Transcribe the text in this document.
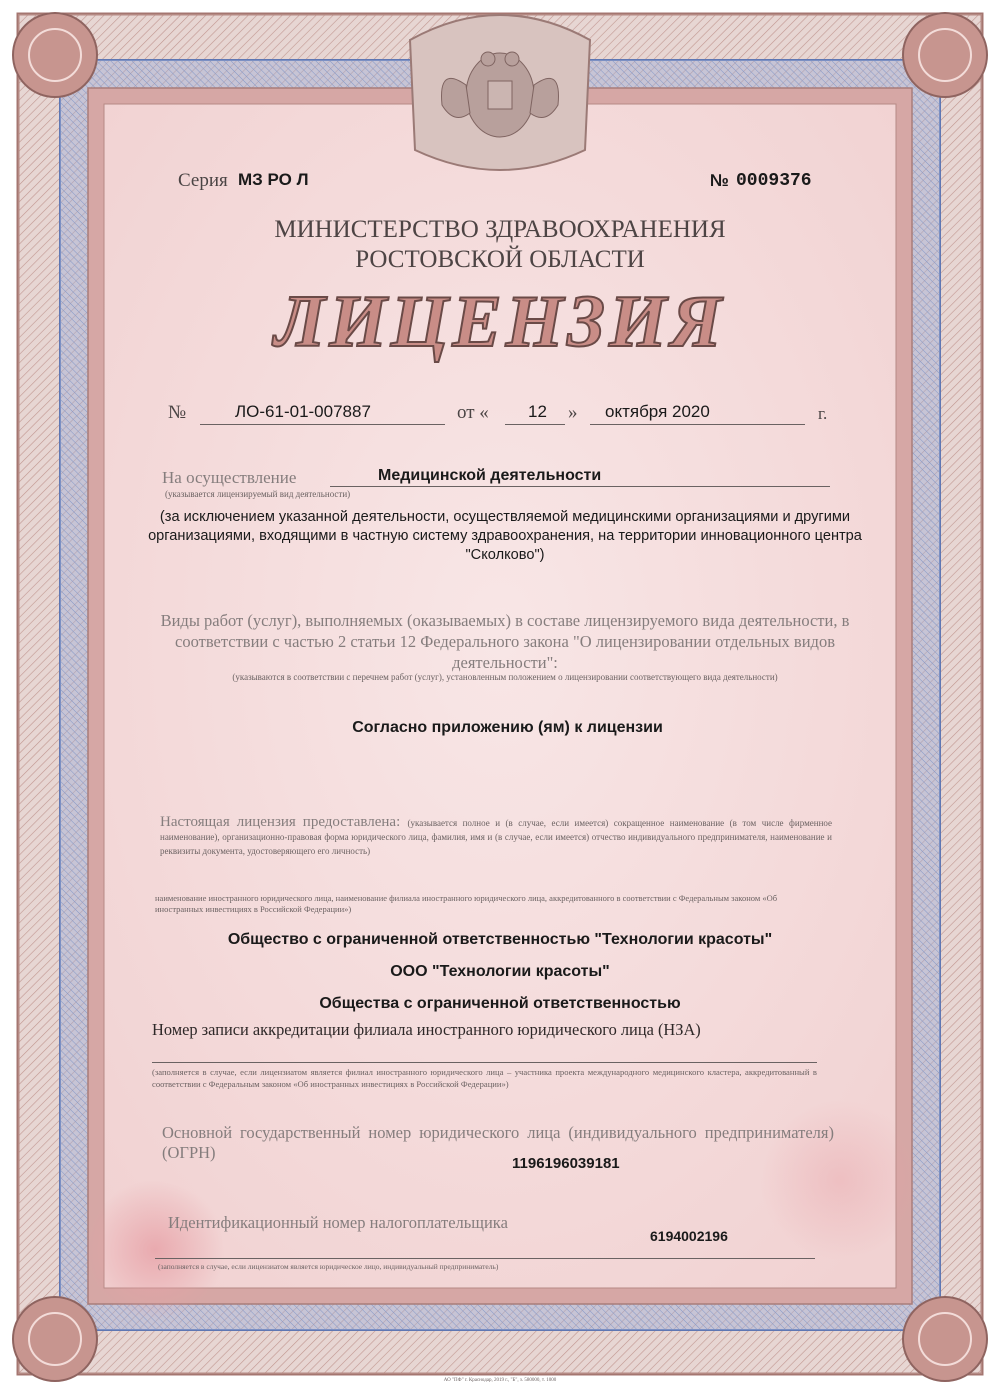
Серия МЗ РО Л	№ 0009376
МИНИСТЕРСТВО ЗДРАВООХРАНЕНИЯ
РОСТОВСКОЙ ОБЛАСТИ
ЛИЦЕНЗИЯ
№	ЛО-61-01-007887	от « 12 » октября 2020	г.
На осуществление	Медицинской деятельности
(указывается лицензируемый вид деятельности)
(за исключением указанной деятельности, осуществляемой медицинскими организациями и другими организациями, входящими в частную систему здравоохранения, на территории инновационного центра "Сколково")
Виды работ (услуг), выполняемых (оказываемых) в составе лицензируемого вида деятельности, в соответствии с частью 2 статьи 12 Федерального закона "О лицензировании отдельных видов деятельности":
(указываются в соответствии с перечнем работ (услуг), установленным положением о лицензировании соответствующего вида деятельности)
Согласно приложению (ям) к лицензии
Настоящая лицензия предоставлена: (указывается полное и (в случае, если имеется) сокращенное наименование (в том числе фирменное наименование), организационно-правовая форма юридического лица, фамилия, имя и (в случае, если имеется) отчество индивидуального предпринимателя, наименование и реквизиты документа, удостоверяющего его личность)
наименование иностранного юридического лица, наименование филиала иностранного юридического лица, аккредитованного в соответствии с Федеральным законом «Об иностранных инвестициях в Российской Федерации»)
Общество с ограниченной ответственностью "Технологии красоты"
ООО "Технологии красоты"
Общества с ограниченной ответственностью
Номер записи аккредитации филиала иностранного юридического лица (НЗА)
(заполняется в случае, если лицензиатом является филиал иностранного юридического лица – участника проекта международного медицинского кластера, аккредитованный в соответствии с Федеральным законом «Об иностранных инвестициях в Российской Федерации»)
Основной государственный номер юридического лица (индивидуального предпринимателя) (ОГРН)
1196196039181
Идентификационный номер налогоплательщика
6194002196
(заполняется в случае, если лицензиатом является юридическое лицо, индивидуальный предприниматель)
АО "ПФ" г. Краснодар, 2019 г., "Б", з. 580000, т. 1000
